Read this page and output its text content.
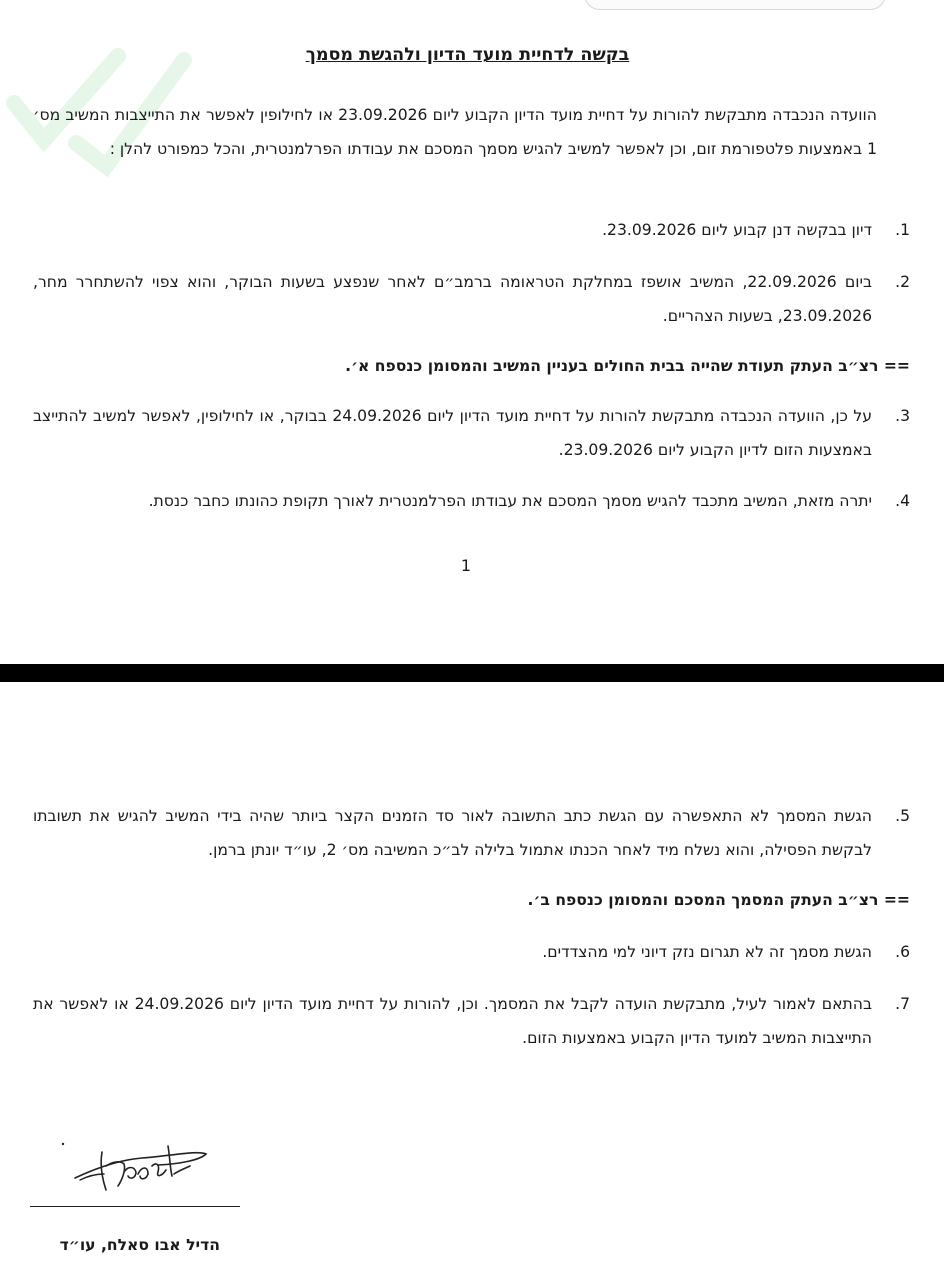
בקשה לדחיית מועד הדיון ולהגשת מסמך
הוועדה הנכבדה מתבקשת להורות על דחיית מועד הדיון הקבוע ליום 23.09.2026 או לחילופין לאפשר את התייצבות המשיב מס׳ 1 באמצעות פלטפורמת זום, וכן לאפשר למשיב להגיש מסמך המסכם את עבודתו הפרלמנטרית, והכל כמפורט להלן :
1.
דיון בבקשה דנן קבוע ליום 23.09.2026.
2.
ביום 22.09.2026, המשיב אושפז במחלקת הטראומה ברמב״ם לאחר שנפצע בשעות הבוקר, והוא צפוי להשתחרר מחר, 23.09.2026, בשעות הצהריים.
== רצ״ב העתק תעודת שהייה בבית החולים בעניין המשיב והמסומן כנספח א׳.
3.
על כן, הוועדה הנכבדה מתבקשת להורות על דחיית מועד הדיון ליום 24.09.2026 בבוקר, או לחילופין, לאפשר למשיב להתייצב באמצעות הזום לדיון הקבוע ליום 23.09.2026.
4.
יתרה מזאת, המשיב מתכבד להגיש מסמך המסכם את עבודתו הפרלמנטרית לאורך תקופת כהונתו כחבר כנסת.
1
5.
הגשת המסמך לא התאפשרה עם הגשת כתב התשובה לאור סד הזמנים הקצר ביותר שהיה בידי המשיב להגיש את תשובתו לבקשת הפסילה, והוא נשלח מיד לאחר הכנתו אתמול בלילה לב״כ המשיבה מס׳ 2, עו״ד יונתן ברמן.
== רצ״ב העתק המסמך המסכם והמסומן כנספח ב׳.
6.
הגשת מסמך זה לא תגרום נזק דיוני למי מהצדדים.
7.
בהתאם לאמור לעיל, מתבקשת הועדה לקבל את המסמך. וכן, להורות על דחיית מועד הדיון ליום 24.09.2026 או לאפשר את התייצבות המשיב למועד הדיון הקבוע באמצעות הזום.
הדיל אבו סאלח, עו״ד
